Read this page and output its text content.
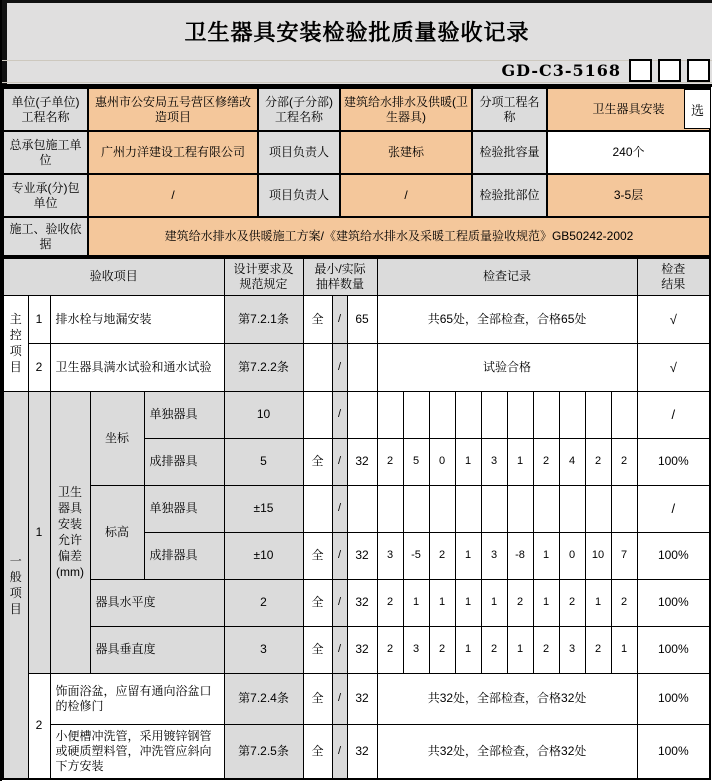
卫生器具安装检验批质量验收记录
GD-C3-5168
单位(子单位)工程名称	惠州市公安局五号营区修缮改造项目	分部(子分部)工程名称	建筑给水排水及供暖(卫生器具)	分项工程名称	卫生器具安装
总承包施工单位	广州力洋建设工程有限公司	项目负责人	张建标	检验批容量	240个
专业承(分)包单位	/	项目负责人	/	检验批部位	3-5层
施工、验收依据	建筑给水排水及供暖施工方案/《建筑给水排水及采暖工程质量验收规范》GB50242-2002				
选
验收项目					设计要求及规范规定	最小/实际抽样数量			检查记录										检查结果
主控项目	1	排水栓与地漏安装			第7.2.1条	全	/	65	共65处，全部检查，合格65处										√
	2	卫生器具满水试验和通水试验			第7.2.2条		/		试验合格										√
一般项目	1	卫生器具安装允许偏差(mm)	坐标	单独器具	10		/												/
				成排器具	5	全	/	32	2	5	0	1	3	1	2	4	2	2	100%
			标高	单独器具	±15		/												/
				成排器具	±10	全	/	32	3	-5	2	1	3	-8	1	0	10	7	100%
			器具水平度		2	全	/	32	2	1	1	1	1	2	1	2	1	2	100%
			器具垂直度		3	全	/	32	2	3	2	1	2	1	2	3	2	1	100%
	2	饰面浴盆，应留有通向浴盆口的检修门			第7.2.4条	全	/	32	共32处，全部检查，合格32处										100%
		小便槽冲洗管，采用镀锌钢管或硬质塑料管，冲洗管应斜向下方安装			第7.2.5条	全	/	32	共32处，全部检查，合格32处										100%
